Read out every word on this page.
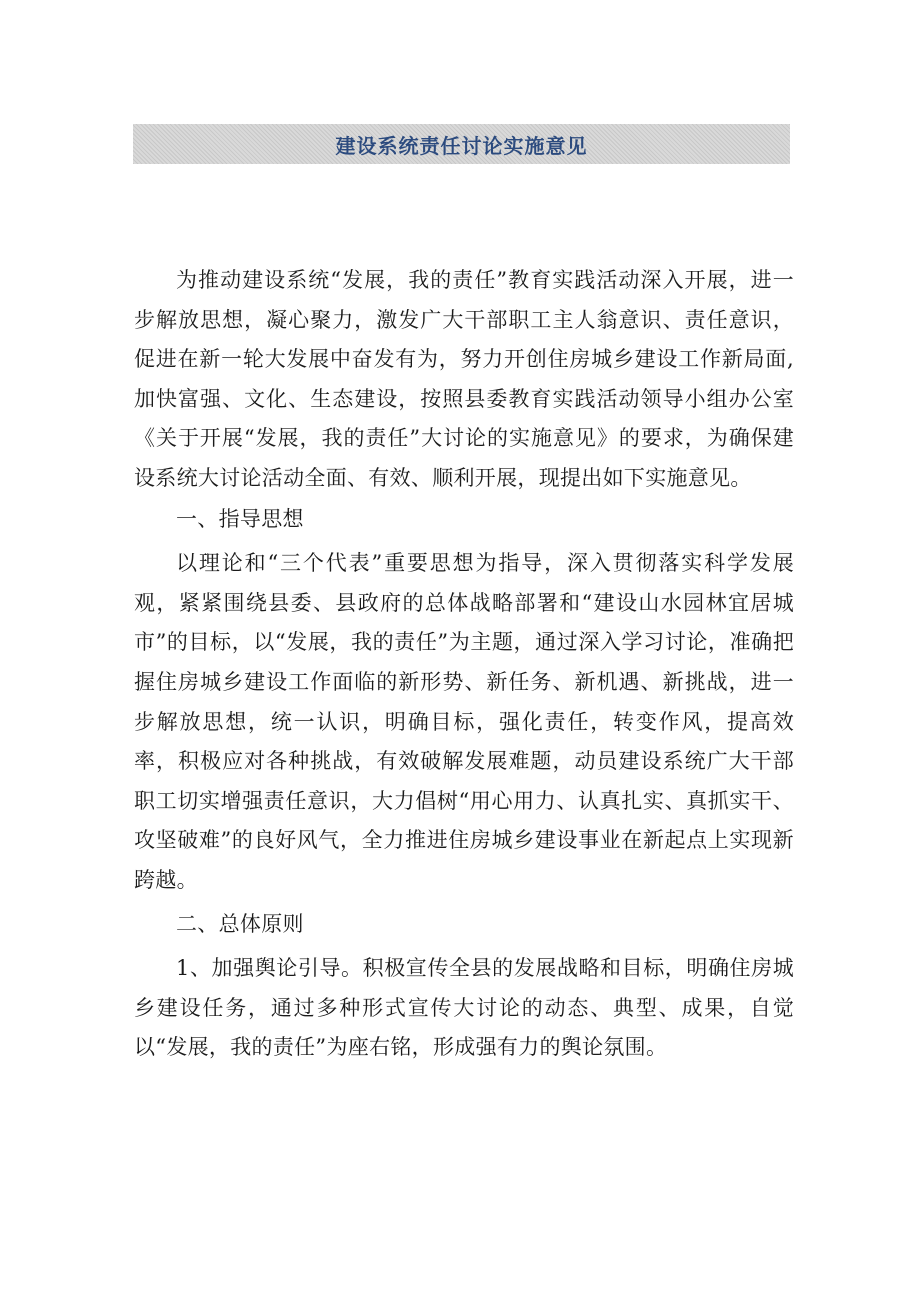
建设系统责任讨论实施意见

为推动建设系统“发展，我的责任”教育实践活动深入开展，进一步解放思想，凝心聚力，激发广大干部职工主人翁意识、责任意识，促进在新一轮大发展中奋发有为，努力开创住房城乡建设工作新局面,加快富强、文化、生态建设，按照县委教育实践活动领导小组办公室《关于开展“发展，我的责任”大讨论的实施意见》的要求，为确保建设系统大讨论活动全面、有效、顺利开展，现提出如下实施意见。

一、指导思想

以理论和“三个代表”重要思想为指导，深入贯彻落实科学发展观，紧紧围绕县委、县政府的总体战略部署和“建设山水园林宜居城市”的目标，以“发展，我的责任”为主题，通过深入学习讨论，准确把握住房城乡建设工作面临的新形势、新任务、新机遇、新挑战，进一步解放思想，统一认识，明确目标，强化责任，转变作风，提高效率，积极应对各种挑战，有效破解发展难题，动员建设系统广大干部职工切实增强责任意识，大力倡树“用心用力、认真扎实、真抓实干、攻坚破难”的良好风气，全力推进住房城乡建设事业在新起点上实现新跨越。

二、总体原则

1、加强舆论引导。积极宣传全县的发展战略和目标，明确住房城乡建设任务，通过多种形式宣传大讨论的动态、典型、成果，自觉以“发展，我的责任”为座右铭，形成强有力的舆论氛围。
